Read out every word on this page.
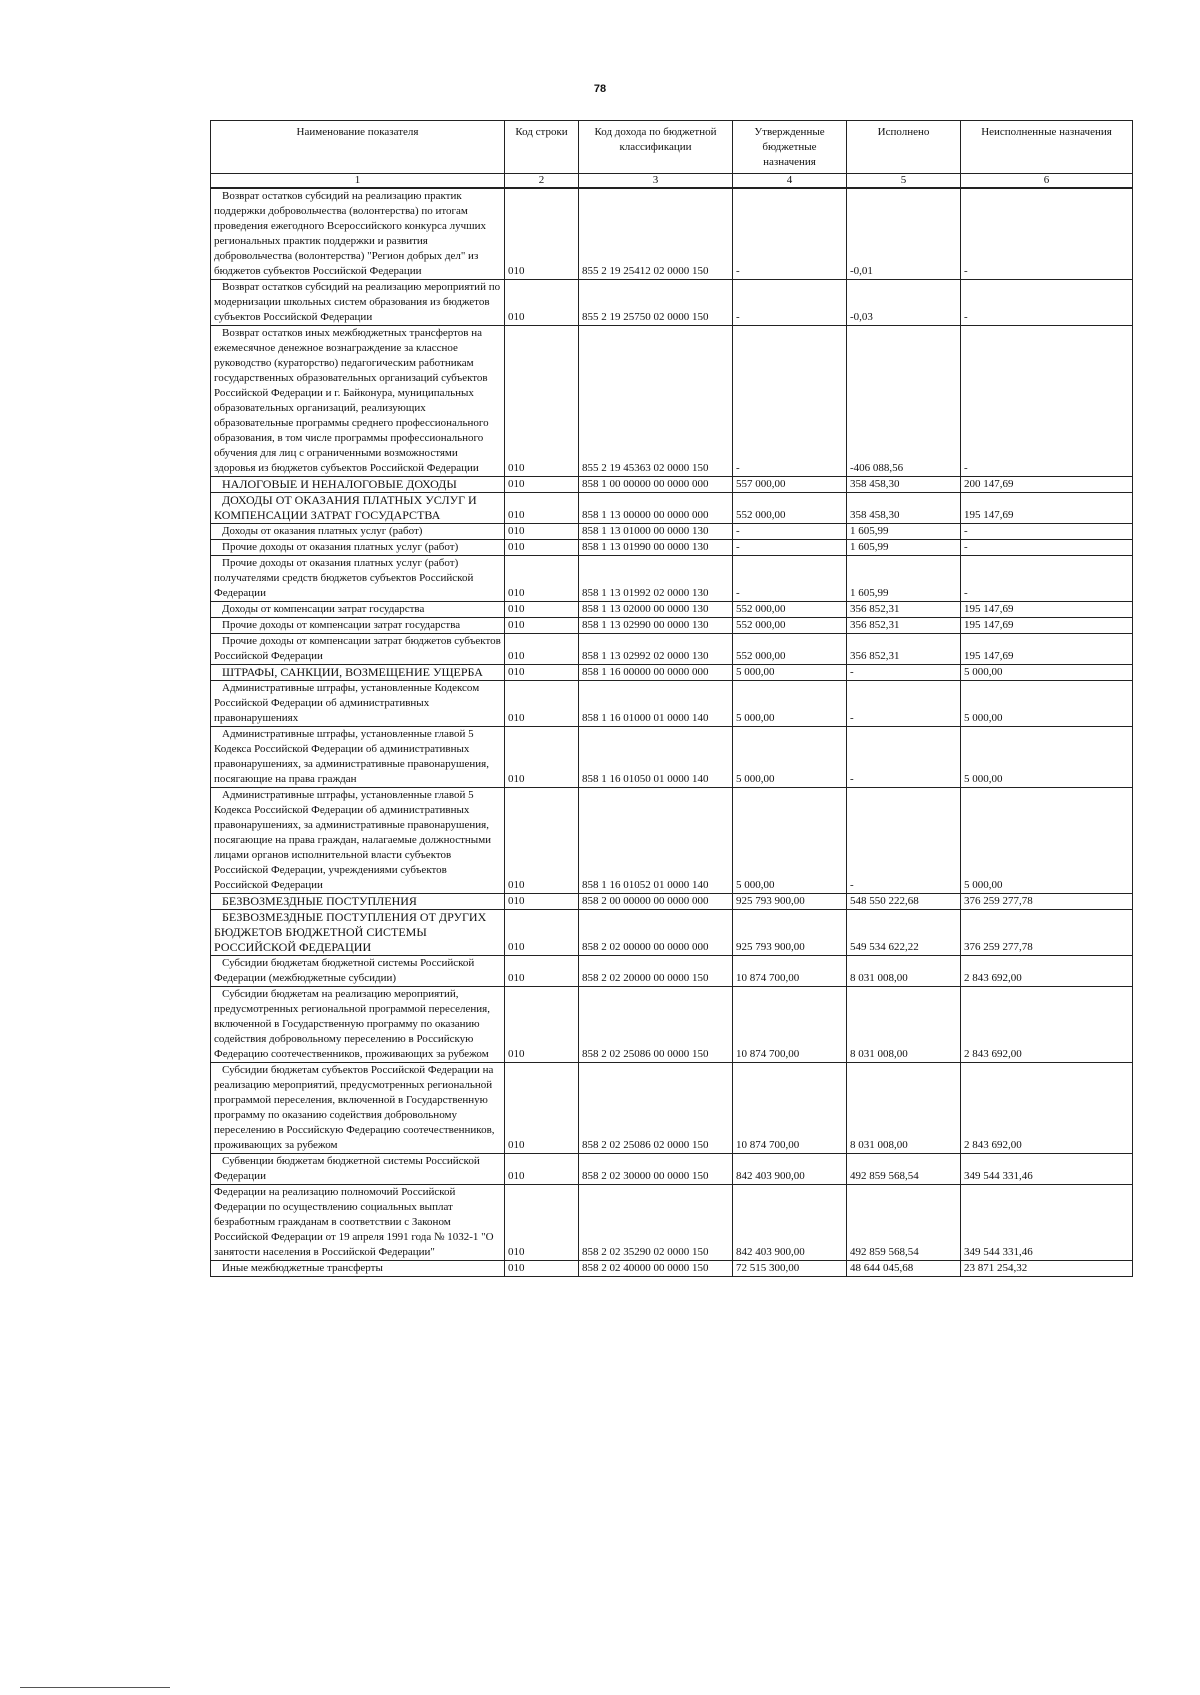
78
Наименование показателя	Код строки	Код дохода по бюджетной классификации	Утвержденные бюджетные назначения	Исполнено	Неисполненные назначения
1	2	3	4	5	6
Возврат остатков субсидий на реализацию практик поддержки добровольчества (волонтерства) по итогам проведения ежегодного Всероссийского конкурса лучших региональных практик поддержки и развития добровольчества (волонтерства) "Регион добрых дел" из бюджетов субъектов Российской Федерации	010	855 2 19 25412 02 0000 150	-	-0,01	-
Возврат остатков субсидий на реализацию мероприятий по модернизации школьных систем образования из бюджетов субъектов Российской Федерации	010	855 2 19 25750 02 0000 150	-	-0,03	-
Возврат остатков иных межбюджетных трансфертов на ежемесячное денежное вознаграждение за классное руководство (кураторство) педагогическим работникам государственных образовательных организаций субъектов Российской Федерации и г. Байконура, муниципальных образовательных организаций, реализующих образовательные программы среднего профессионального образования, в том числе программы профессионального обучения для лиц с ограниченными возможностями здоровья из бюджетов субъектов Российской Федерации	010	855 2 19 45363 02 0000 150	-	-406 088,56	-
НАЛОГОВЫЕ И НЕНАЛОГОВЫЕ ДОХОДЫ	010	858 1 00 00000 00 0000 000	557 000,00	358 458,30	200 147,69
ДОХОДЫ ОТ ОКАЗАНИЯ ПЛАТНЫХ УСЛУГ И КОМПЕНСАЦИИ ЗАТРАТ ГОСУДАРСТВА	010	858 1 13 00000 00 0000 000	552 000,00	358 458,30	195 147,69
Доходы от оказания платных услуг (работ)	010	858 1 13 01000 00 0000 130	-	1 605,99	-
Прочие доходы от оказания платных услуг (работ)	010	858 1 13 01990 00 0000 130	-	1 605,99	-
Прочие доходы от оказания платных услуг (работ) получателями средств бюджетов субъектов Российской Федерации	010	858 1 13 01992 02 0000 130	-	1 605,99	-
Доходы от компенсации затрат государства	010	858 1 13 02000 00 0000 130	552 000,00	356 852,31	195 147,69
Прочие доходы от компенсации затрат государства	010	858 1 13 02990 00 0000 130	552 000,00	356 852,31	195 147,69
Прочие доходы от компенсации затрат бюджетов субъектов Российской Федерации	010	858 1 13 02992 02 0000 130	552 000,00	356 852,31	195 147,69
ШТРАФЫ, САНКЦИИ, ВОЗМЕЩЕНИЕ УЩЕРБА	010	858 1 16 00000 00 0000 000	5 000,00	-	5 000,00
Административные штрафы, установленные Кодексом Российской Федерации об административных правонарушениях	010	858 1 16 01000 01 0000 140	5 000,00	-	5 000,00
Административные штрафы, установленные главой 5 Кодекса Российской Федерации об административных правонарушениях, за административные правонарушения, посягающие на права граждан	010	858 1 16 01050 01 0000 140	5 000,00	-	5 000,00
Административные штрафы, установленные главой 5 Кодекса Российской Федерации об административных правонарушениях, за административные правонарушения, посягающие на права граждан, налагаемые должностными лицами органов исполнительной власти субъектов Российской Федерации, учреждениями субъектов Российской Федерации	010	858 1 16 01052 01 0000 140	5 000,00	-	5 000,00
БЕЗВОЗМЕЗДНЫЕ ПОСТУПЛЕНИЯ	010	858 2 00 00000 00 0000 000	925 793 900,00	548 550 222,68	376 259 277,78
БЕЗВОЗМЕЗДНЫЕ ПОСТУПЛЕНИЯ ОТ ДРУГИХ БЮДЖЕТОВ БЮДЖЕТНОЙ СИСТЕМЫ РОССИЙСКОЙ ФЕДЕРАЦИИ	010	858 2 02 00000 00 0000 000	925 793 900,00	549 534 622,22	376 259 277,78
Субсидии бюджетам бюджетной системы Российской Федерации (межбюджетные субсидии)	010	858 2 02 20000 00 0000 150	10 874 700,00	8 031 008,00	2 843 692,00
Субсидии бюджетам на реализацию мероприятий, предусмотренных региональной программой переселения, включенной в Государственную программу по оказанию содействия добровольному переселению в Российскую Федерацию соотечественников, проживающих за рубежом	010	858 2 02 25086 00 0000 150	10 874 700,00	8 031 008,00	2 843 692,00
Субсидии бюджетам субъектов Российской Федерации на реализацию мероприятий, предусмотренных региональной программой переселения, включенной в Государственную программу по оказанию содействия добровольному переселению в Российскую Федерацию соотечественников, проживающих за рубежом	010	858 2 02 25086 02 0000 150	10 874 700,00	8 031 008,00	2 843 692,00
Субвенции бюджетам бюджетной системы Российской Федерации	010	858 2 02 30000 00 0000 150	842 403 900,00	492 859 568,54	349 544 331,46
Федерации на реализацию полномочий Российской Федерации по осуществлению социальных выплат безработным гражданам в соответствии с Законом Российской Федерации от 19 апреля 1991 года № 1032-1 "О занятости населения в Российской Федерации"	010	858 2 02 35290 02 0000 150	842 403 900,00	492 859 568,54	349 544 331,46
Иные межбюджетные трансферты	010	858 2 02 40000 00 0000 150	72 515 300,00	48 644 045,68	23 871 254,32
